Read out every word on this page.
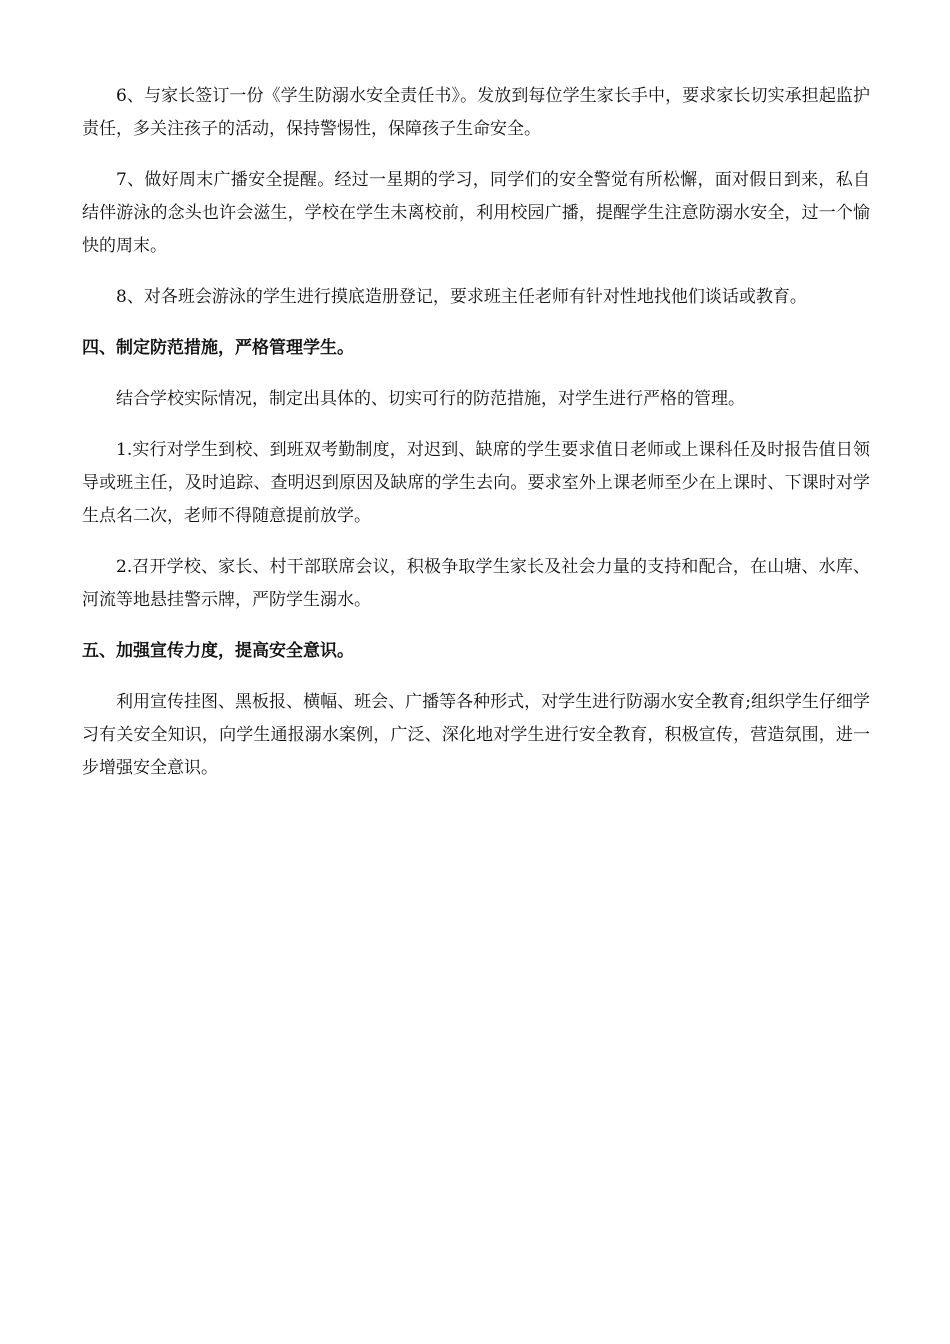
6、与家长签订一份《学生防溺水安全责任书》。发放到每位学生家长手中，要求家长切实承担起监护责任，多关注孩子的活动，保持警惕性，保障孩子生命安全。

7、做好周末广播安全提醒。经过一星期的学习，同学们的安全警觉有所松懈，面对假日到来，私自结伴游泳的念头也许会滋生，学校在学生未离校前，利用校园广播，提醒学生注意防溺水安全，过一个愉快的周末。

8、对各班会游泳的学生进行摸底造册登记，要求班主任老师有针对性地找他们谈话或教育。

四、制定防范措施，严格管理学生。

结合学校实际情况，制定出具体的、切实可行的防范措施，对学生进行严格的管理。

1.实行对学生到校、到班双考勤制度，对迟到、缺席的学生要求值日老师或上课科任及时报告值日领导或班主任，及时追踪、查明迟到原因及缺席的学生去向。要求室外上课老师至少在上课时、下课时对学生点名二次，老师不得随意提前放学。

2.召开学校、家长、村干部联席会议，积极争取学生家长及社会力量的支持和配合，在山塘、水库、河流等地悬挂警示牌，严防学生溺水。

五、加强宣传力度，提高安全意识。

利用宣传挂图、黑板报、横幅、班会、广播等各种形式，对学生进行防溺水安全教育;组织学生仔细学习有关安全知识，向学生通报溺水案例，广泛、深化地对学生进行安全教育，积极宣传，营造氛围，进一步增强安全意识。
